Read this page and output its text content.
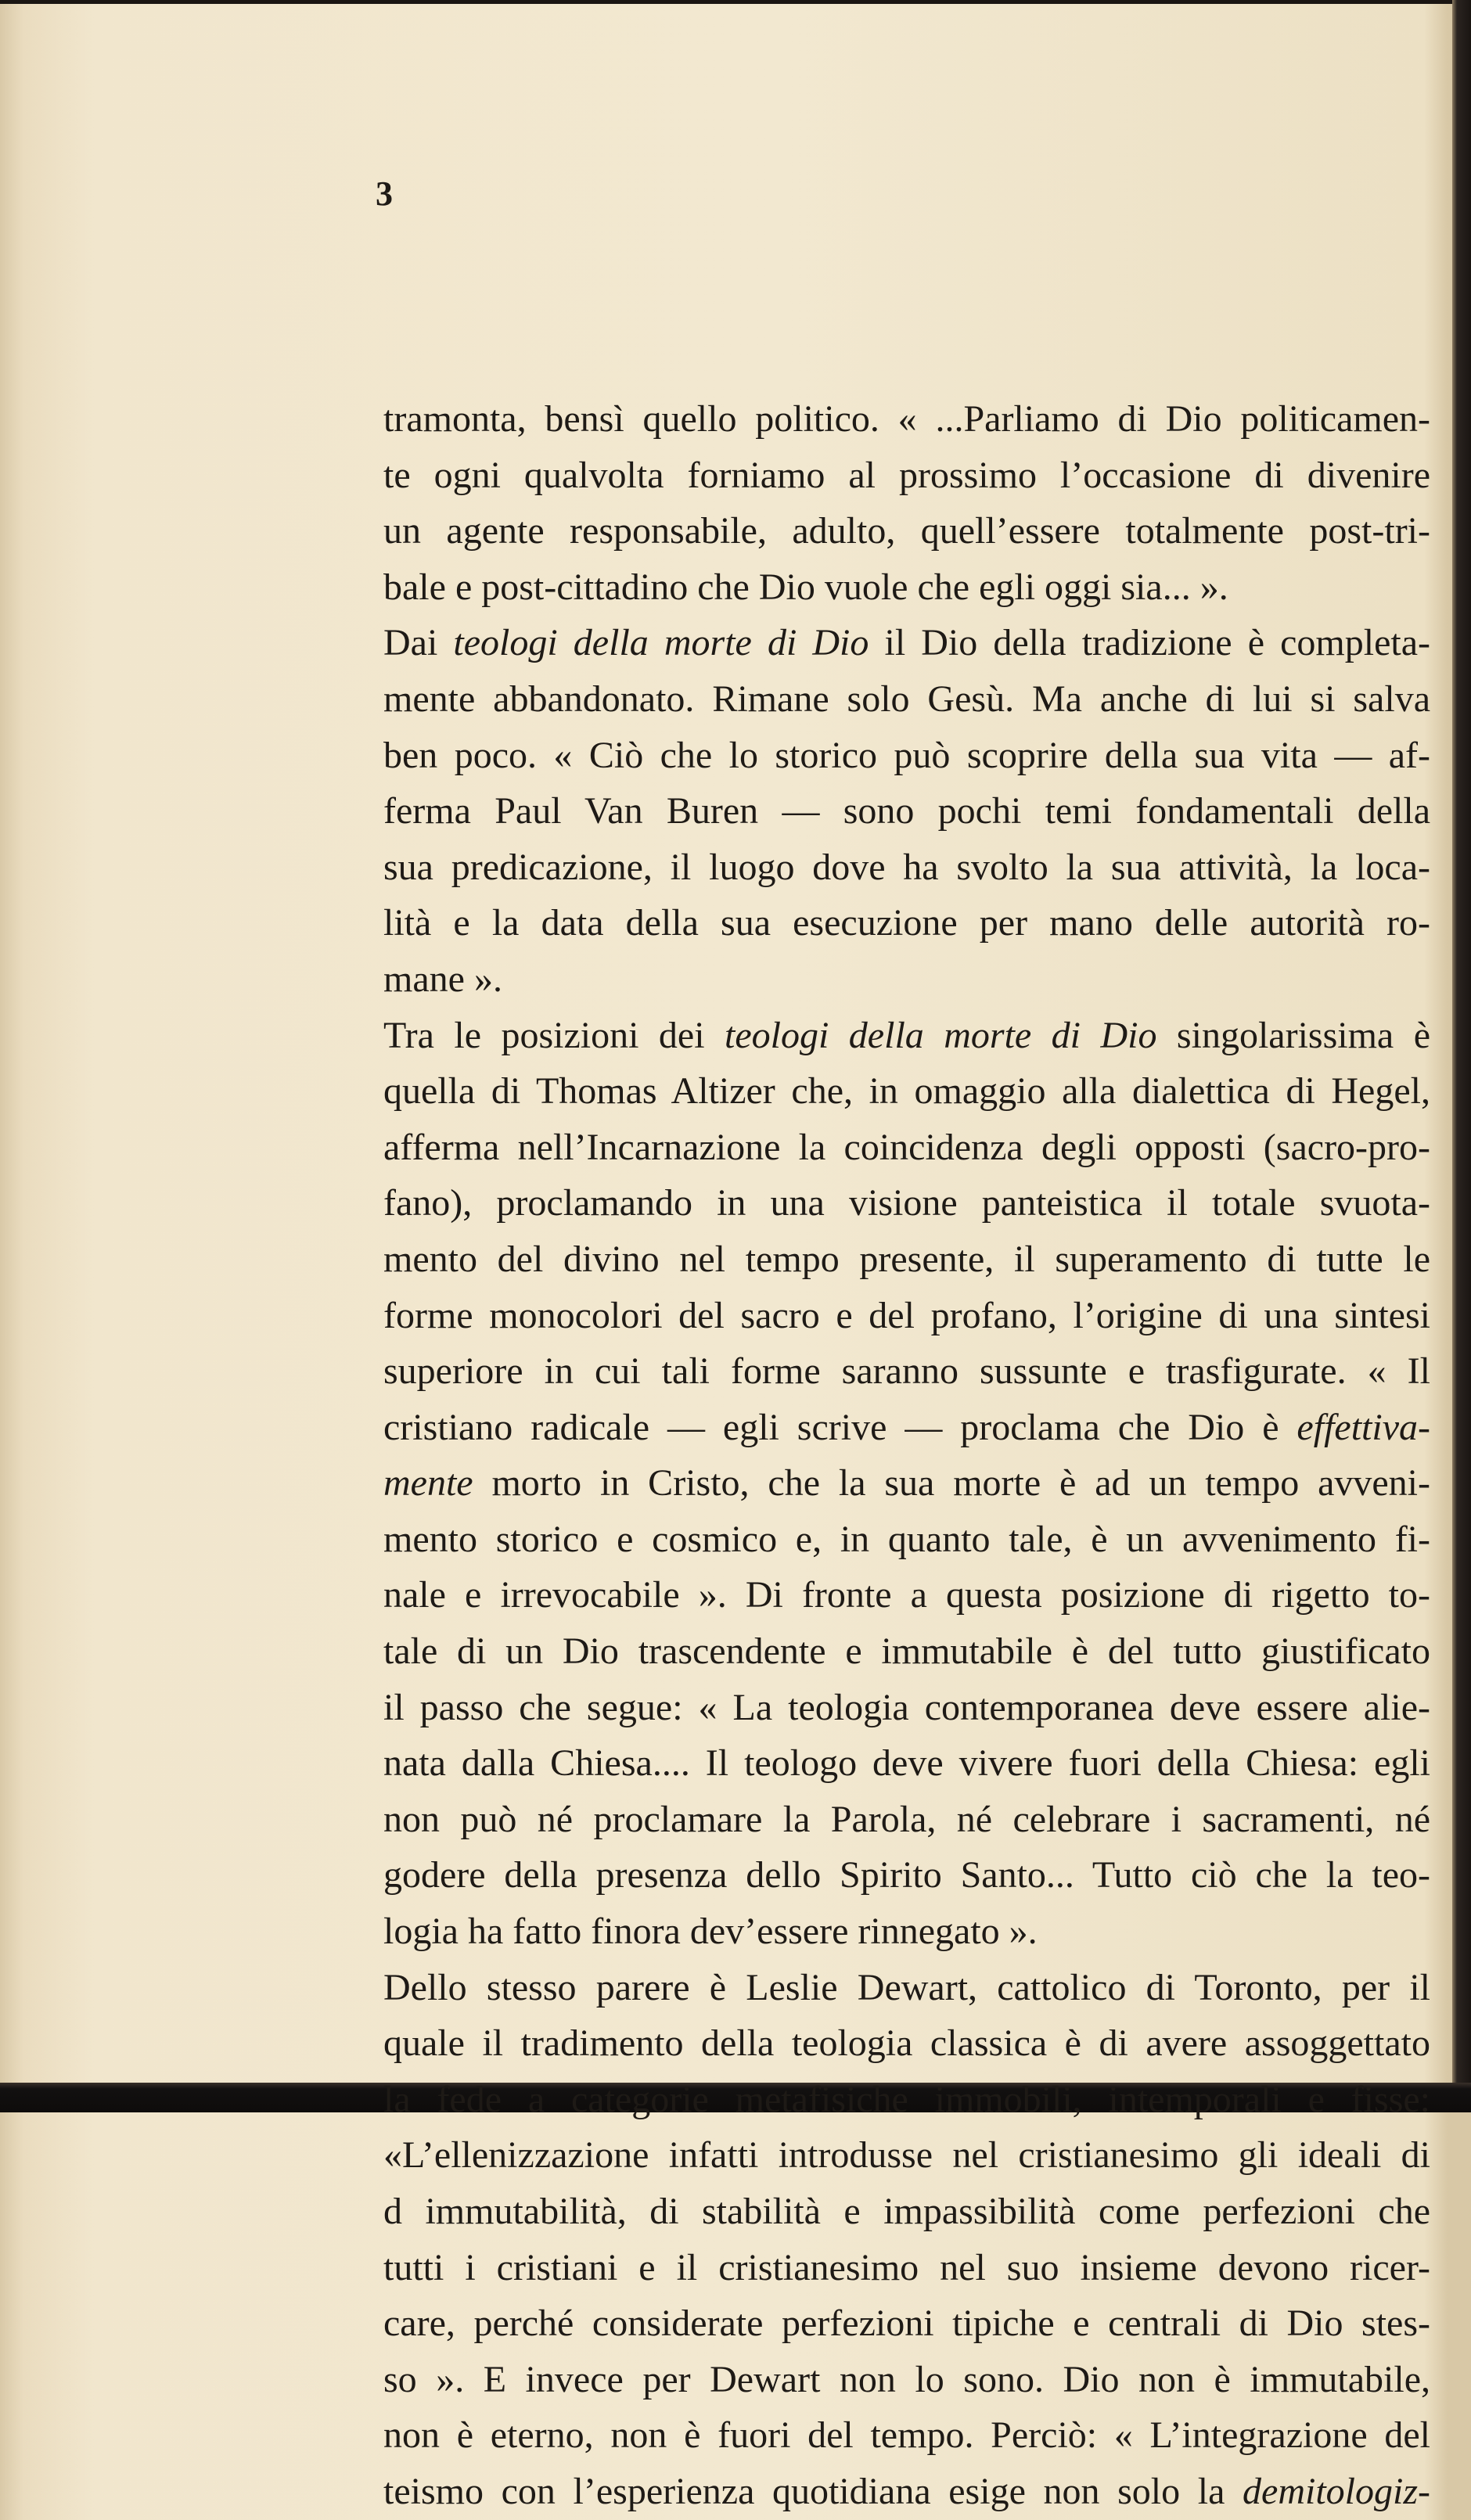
3
tramonta, bensì quello politico. « ...Parliamo di Dio politicamen-
te ogni qualvolta forniamo al prossimo l’occasione di divenire
un agente responsabile, adulto, quell’essere totalmente post-tri-
bale e post-cittadino che Dio vuole che egli oggi sia... ».
Dai teologi della morte di Dio il Dio della tradizione è completa-
mente abbandonato. Rimane solo Gesù. Ma anche di lui si salva
ben poco. « Ciò che lo storico può scoprire della sua vita — af-
ferma Paul Van Buren — sono pochi temi fondamentali della
sua predicazione, il luogo dove ha svolto la sua attività, la loca-
lità e la data della sua esecuzione per mano delle autorità ro-
mane ».
Tra le posizioni dei teologi della morte di Dio singolarissima è
quella di Thomas Altizer che, in omaggio alla dialettica di Hegel,
afferma nell’Incarnazione la coincidenza degli opposti (sacro-pro-
fano), proclamando in una visione panteistica il totale svuota-
mento del divino nel tempo presente, il superamento di tutte le
forme monocolori del sacro e del profano, l’origine di una sintesi
superiore in cui tali forme saranno sussunte e trasfigurate. « Il
cristiano radicale — egli scrive — proclama che Dio è effettiva-
mente morto in Cristo, che la sua morte è ad un tempo avveni-
mento storico e cosmico e, in quanto tale, è un avvenimento fi-
nale e irrevocabile ». Di fronte a questa posizione di rigetto to-
tale di un Dio trascendente e immutabile è del tutto giustificato
il passo che segue: « La teologia contemporanea deve essere alie-
nata dalla Chiesa.... Il teologo deve vivere fuori della Chiesa: egli
non può né proclamare la Parola, né celebrare i sacramenti, né
godere della presenza dello Spirito Santo... Tutto ciò che la teo-
logia ha fatto finora dev’essere rinnegato ».
Dello stesso parere è Leslie Dewart, cattolico di Toronto, per il
quale il tradimento della teologia classica è di avere assoggettato
la fede a categorie metafisiche immobili, intemporali e fisse:
«L’ellenizzazione infatti introdusse nel cristianesimo gli ideali di
d immutabilità, di stabilità e impassibilità come perfezioni che
tutti i cristiani e il cristianesimo nel suo insieme devono ricer-
care, perché considerate perfezioni tipiche e centrali di Dio stes-
so ». E invece per Dewart non lo sono. Dio non è immutabile,
non è eterno, non è fuori del tempo. Perciò: « L’integrazione del
teismo con l’esperienza quotidiana esige non solo la demitologiz-
